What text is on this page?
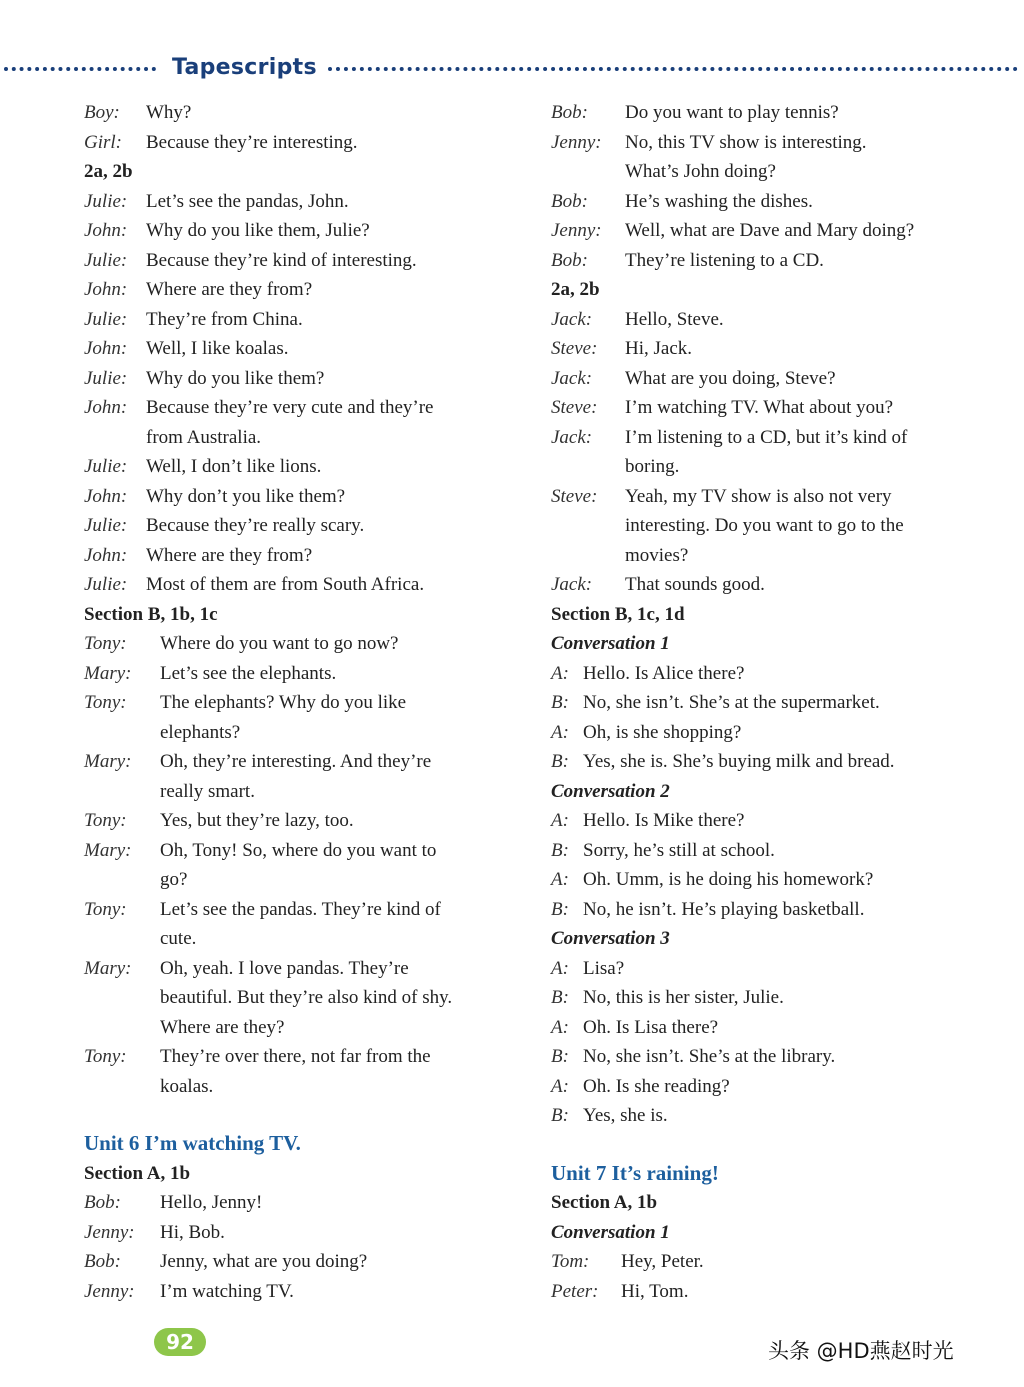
Tapescripts
Boy: Why?
Girl: Because they’re interesting.
2a, 2b
Julie: Let’s see the pandas, John.
John: Why do you like them, Julie?
Julie: Because they’re kind of interesting.
John: Where are they from?
Julie: They’re from China.
John: Well, I like koalas.
Julie: Why do you like them?
John: Because they’re very cute and they’re
from Australia.
Julie: Well, I don’t like lions.
John: Why don’t you like them?
Julie: Because they’re really scary.
John: Where are they from?
Julie: Most of them are from South Africa.
Section B, 1b, 1c
Tony: Where do you want to go now?
Mary: Let’s see the elephants.
Tony: The elephants? Why do you like
elephants?
Mary: Oh, they’re interesting. And they’re
really smart.
Tony: Yes, but they’re lazy, too.
Mary: Oh, Tony! So, where do you want to
go?
Tony: Let’s see the pandas. They’re kind of
cute.
Mary: Oh, yeah. I love pandas. They’re
beautiful. But they’re also kind of shy.
Where are they?
Tony: They’re over there, not far from the
koalas.
Unit 6 I’m watching TV.
Section A, 1b
Bob: Hello, Jenny!
Jenny: Hi, Bob.
Bob: Jenny, what are you doing?
Jenny: I’m watching TV.
Bob: Do you want to play tennis?
Jenny: No, this TV show is interesting.
What’s John doing?
Bob: He’s washing the dishes.
Jenny: Well, what are Dave and Mary doing?
Bob: They’re listening to a CD.
2a, 2b
Jack: Hello, Steve.
Steve: Hi, Jack.
Jack: What are you doing, Steve?
Steve: I’m watching TV. What about you?
Jack: I’m listening to a CD, but it’s kind of
boring.
Steve: Yeah, my TV show is also not very
interesting. Do you want to go to the
movies?
Jack: That sounds good.
Section B, 1c, 1d
Conversation 1
A: Hello. Is Alice there?
B: No, she isn’t. She’s at the supermarket.
A: Oh, is she shopping?
B: Yes, she is. She’s buying milk and bread.
Conversation 2
A: Hello. Is Mike there?
B: Sorry, he’s still at school.
A: Oh. Umm, is he doing his homework?
B: No, he isn’t. He’s playing basketball.
Conversation 3
A: Lisa?
B: No, this is her sister, Julie.
A: Oh. Is Lisa there?
B: No, she isn’t. She’s at the library.
A: Oh. Is she reading?
B: Yes, she is.
Unit 7 It’s raining!
Section A, 1b
Conversation 1
Tom: Hey, Peter.
Peter: Hi, Tom.
92	头条 @HD燕赵时光
